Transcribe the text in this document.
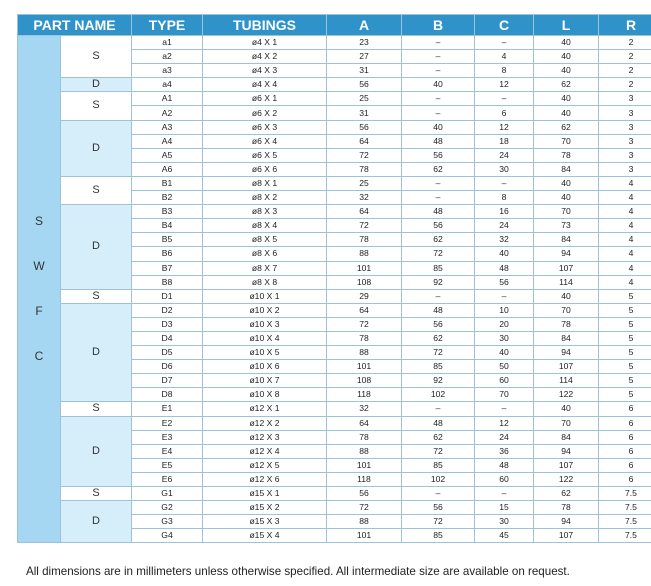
PART NAME		TYPE	TUBINGS	A	B	C	L	R

S
W
F
C	S	a1	ø4 X 1	23	–	–	40	2
		a2	ø4 X 2	27	–	4	40	2
		a3	ø4 X 3	31	–	8	40	2
	D	a4	ø4 X 4	56	40	12	62	2
	S	A1	ø6 X 1	25	–	–	40	3
		A2	ø6 X 2	31	–	6	40	3
	D	A3	ø6 X 3	56	40	12	62	3
		A4	ø6 X 4	64	48	18	70	3
		A5	ø6 X 5	72	56	24	78	3
		A6	ø6 X 6	78	62	30	84	3
	S	B1	ø8 X 1	25	–	–	40	4
		B2	ø8 X 2	32	–	8	40	4
	D	B3	ø8 X 3	64	48	16	70	4
		B4	ø8 X 4	72	56	24	73	4
		B5	ø8 X 5	78	62	32	84	4
		B6	ø8 X 6	88	72	40	94	4
		B7	ø8 X 7	101	85	48	107	4
		B8	ø8 X 8	108	92	56	114	4
	S	D1	ø10 X 1	29	–	–	40	5
	D	D2	ø10 X 2	64	48	10	70	5
		D3	ø10 X 3	72	56	20	78	5
		D4	ø10 X 4	78	62	30	84	5
		D5	ø10 X 5	88	72	40	94	5
		D6	ø10 X 6	101	85	50	107	5
		D7	ø10 X 7	108	92	60	114	5
		D8	ø10 X 8	118	102	70	122	5
	S	E1	ø12 X 1	32	–	–	40	6
	D	E2	ø12 X 2	64	48	12	70	6
		E3	ø12 X 3	78	62	24	84	6
		E4	ø12 X 4	88	72	36	94	6
		E5	ø12 X 5	101	85	48	107	6
		E6	ø12 X 6	118	102	60	122	6
	S	G1	ø15 X 1	56	–	–	62	7.5
	D	G2	ø15 X 2	72	56	15	78	7.5
		G3	ø15 X 3	88	72	30	94	7.5
		G4	ø15 X 4	101	85	45	107	7.5
All dimensions are in millimeters unless otherwise specified. All intermediate size are available on request.
